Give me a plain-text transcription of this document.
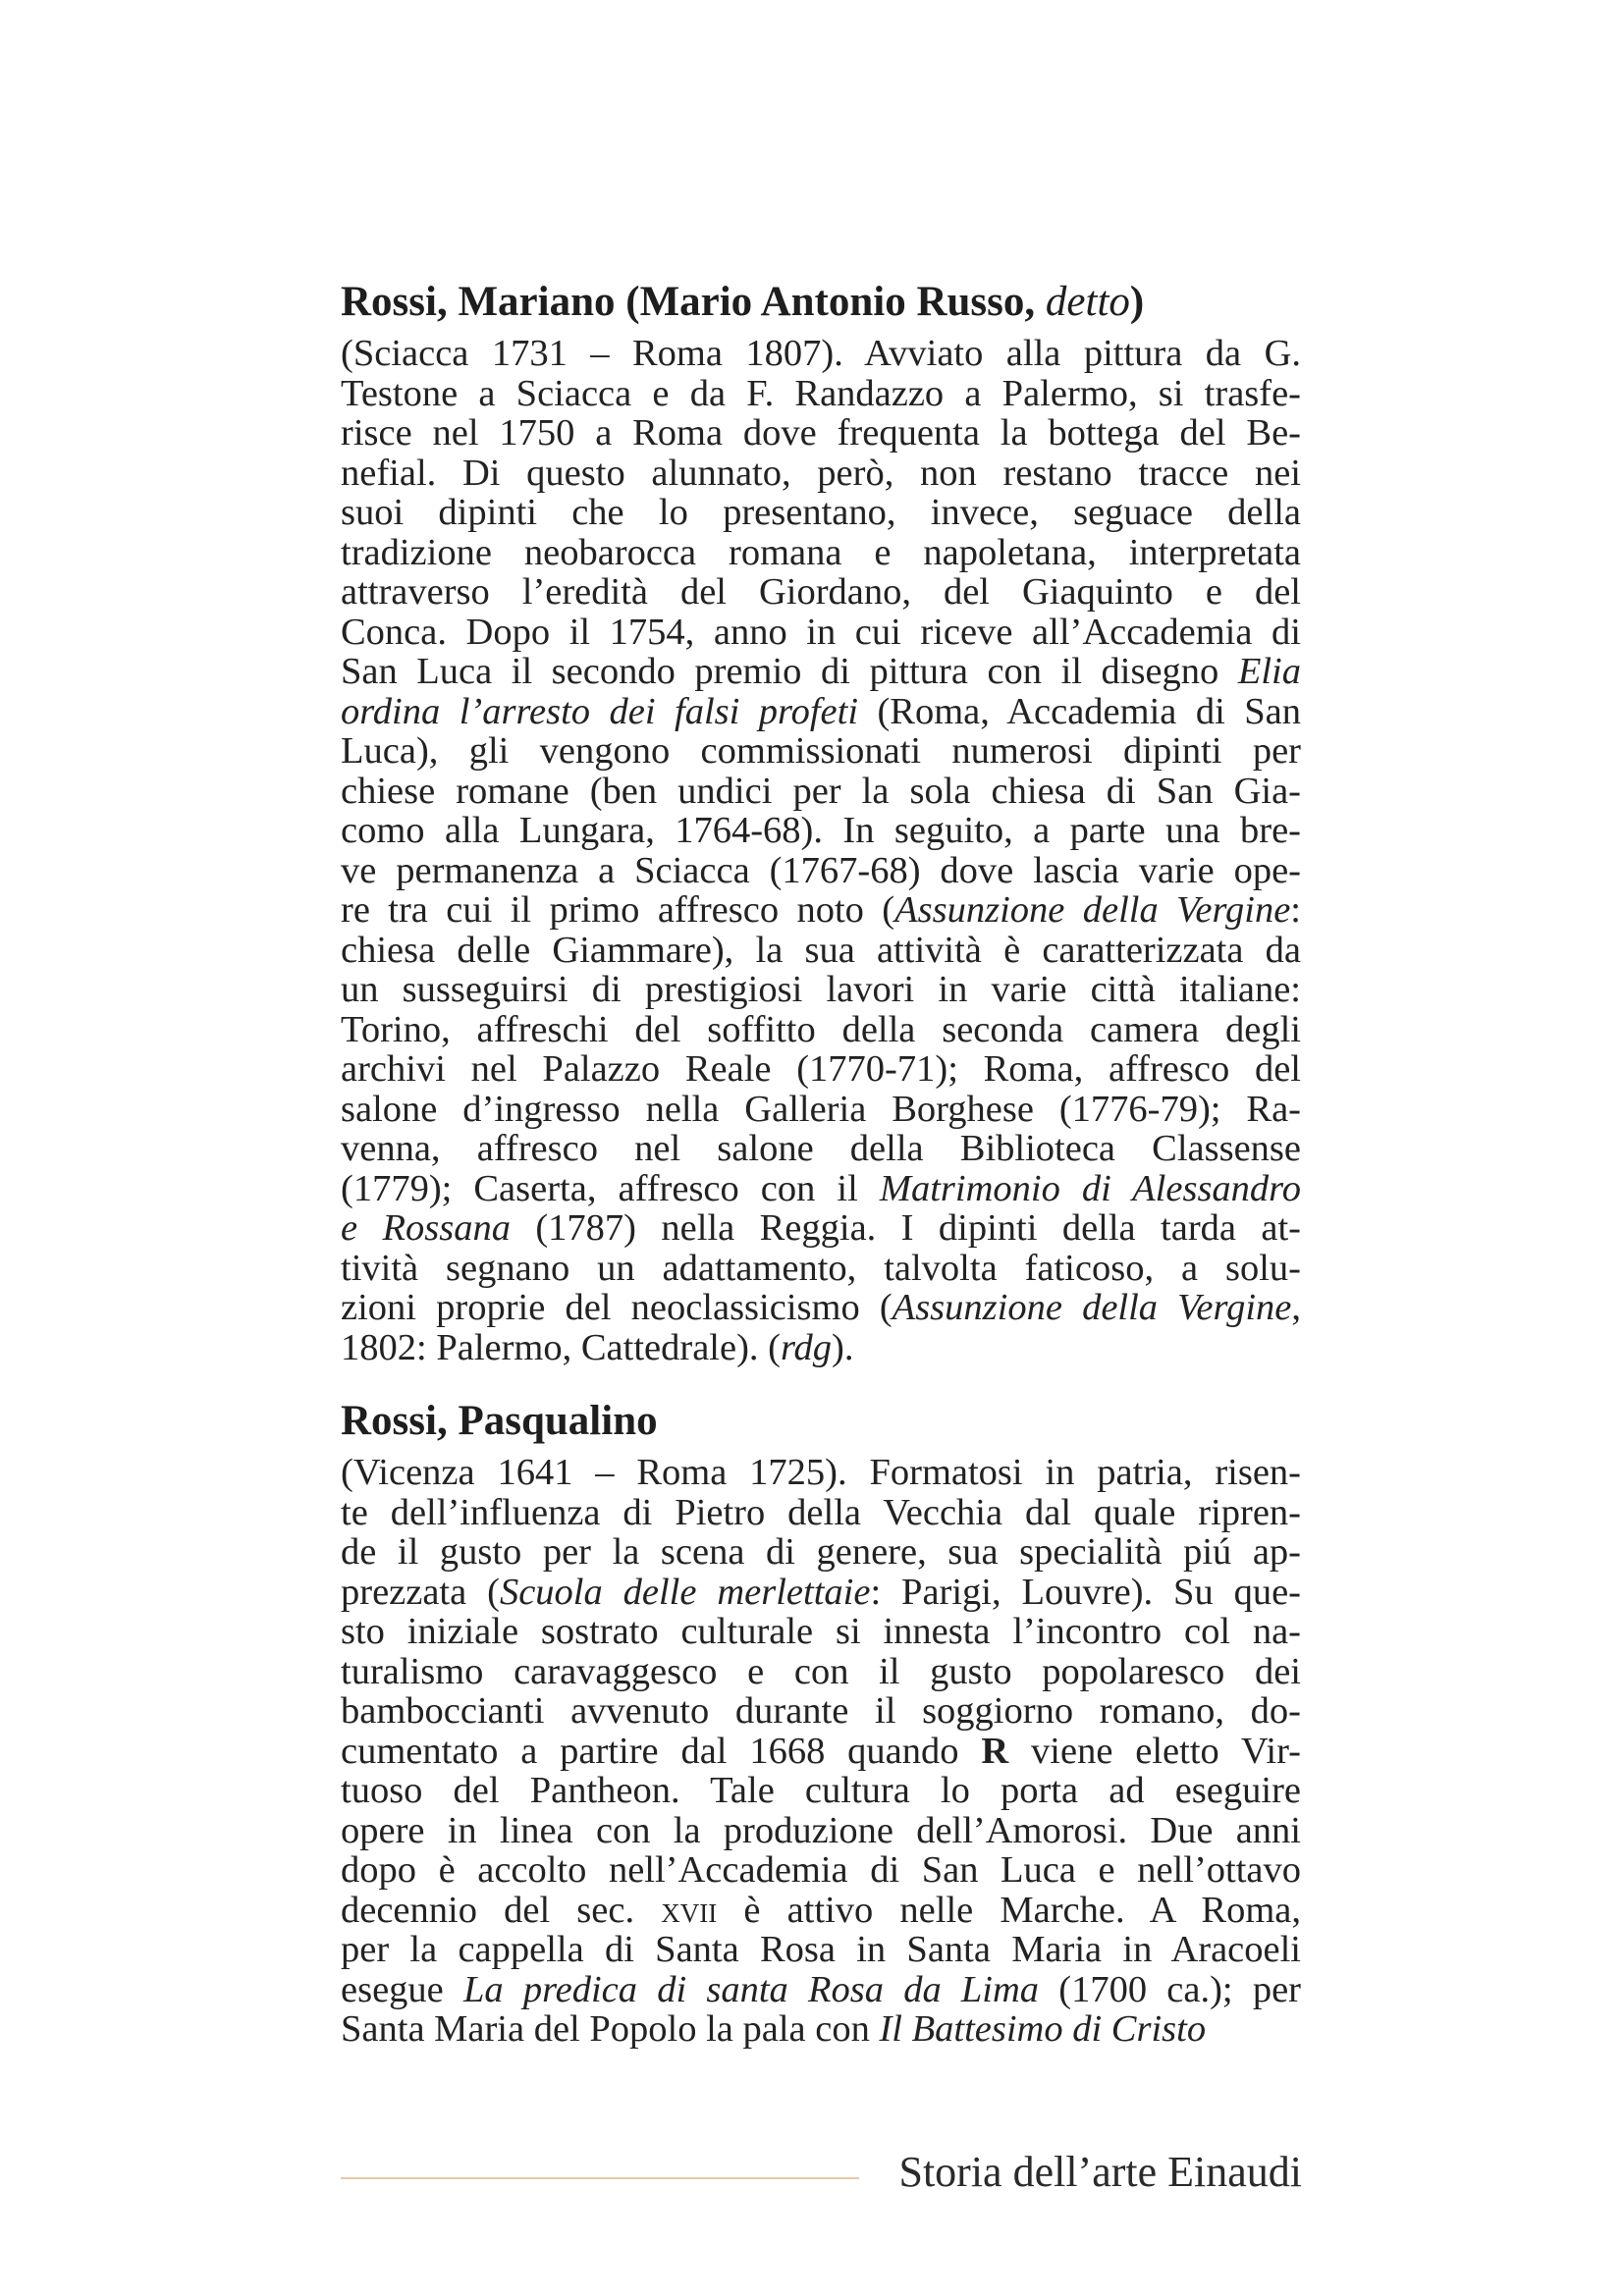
Rossi, Mariano (Mario Antonio Russo, detto)

(Sciacca 1731 – Roma 1807). Avviato alla pittura da G.
Testone a Sciacca e da F. Randazzo a Palermo, si trasfe-
risce nel 1750 a Roma dove frequenta la bottega del Be-
nefial. Di questo alunnato, però, non restano tracce nei
suoi dipinti che lo presentano, invece, seguace della
tradizione neobarocca romana e napoletana, interpretata
attraverso l’eredità del Giordano, del Giaquinto e del
Conca. Dopo il 1754, anno in cui riceve all’Accademia di
San Luca il secondo premio di pittura con il disegno Elia
ordina l’arresto dei falsi profeti (Roma, Accademia di San
Luca), gli vengono commissionati numerosi dipinti per
chiese romane (ben undici per la sola chiesa di San Gia-
como alla Lungara, 1764-68). In seguito, a parte una bre-
ve permanenza a Sciacca (1767-68) dove lascia varie ope-
re tra cui il primo affresco noto (Assunzione della Vergine:
chiesa delle Giammare), la sua attività è caratterizzata da
un susseguirsi di prestigiosi lavori in varie città italiane:
Torino, affreschi del soffitto della seconda camera degli
archivi nel Palazzo Reale (1770-71); Roma, affresco del
salone d’ingresso nella Galleria Borghese (1776-79); Ra-
venna, affresco nel salone della Biblioteca Classense
(1779); Caserta, affresco con il Matrimonio di Alessandro
e Rossana (1787) nella Reggia. I dipinti della tarda at-
tività segnano un adattamento, talvolta faticoso, a solu-
zioni proprie del neoclassicismo (Assunzione della Vergine,
1802: Palermo, Cattedrale). (rdg).

Rossi, Pasqualino

(Vicenza 1641 – Roma 1725). Formatosi in patria, risen-
te dell’influenza di Pietro della Vecchia dal quale ripren-
de il gusto per la scena di genere, sua specialità piú ap-
prezzata (Scuola delle merlettaie: Parigi, Louvre). Su que-
sto iniziale sostrato culturale si innesta l’incontro col na-
turalismo caravaggesco e con il gusto popolaresco dei
bamboccianti avvenuto durante il soggiorno romano, do-
cumentato a partire dal 1668 quando R viene eletto Vir-
tuoso del Pantheon. Tale cultura lo porta ad eseguire
opere in linea con la produzione dell’Amorosi. Due anni
dopo è accolto nell’Accademia di San Luca e nell’ottavo
decennio del sec. xvii è attivo nelle Marche. A Roma,
per la cappella di Santa Rosa in Santa Maria in Aracoeli
esegue La predica di santa Rosa da Lima (1700 ca.); per
Santa Maria del Popolo la pala con Il Battesimo di Cristo

Storia dell’arte Einaudi
